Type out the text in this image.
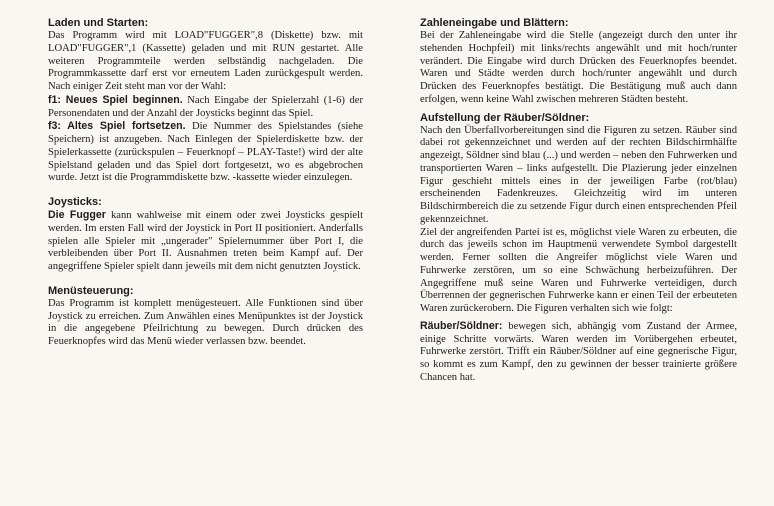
Laden und Starten:

Das Programm wird mit LOAD"FUGGER",8 (Diskette) bzw. mit LOAD"FUGGER",1 (Kassette) geladen und mit RUN gestartet. Alle weiteren Programmteile werden selbständig nachgeladen. Die Programmkassette darf erst vor erneutem Laden zurückgespult werden. Nach einiger Zeit steht man vor der Wahl:

f1: Neues Spiel beginnen. Nach Eingabe der Spielerzahl (1-6) der Personendaten und der Anzahl der Joysticks beginnt das Spiel.

f3: Altes Spiel fortsetzen. Die Nummer des Spielstandes (siehe Speichern) ist anzugeben. Nach Einlegen der Spielerdiskette bzw. der Spielerkassette (zurückspulen – Feuerknopf – PLAY-Taste!) wird der alte Spielstand geladen und das Spiel dort fortgesetzt, wo es abgebrochen wurde. Jetzt ist die Programmdiskette bzw. -kassette wieder einzulegen.

Joysticks:

Die Fugger kann wahlweise mit einem oder zwei Joysticks gespielt werden. Im ersten Fall wird der Joystick in Port II positioniert. Anderfalls spielen alle Spieler mit „ungerader" Spielernummer über Port I, die verbleibenden über Port II. Ausnahmen treten beim Kampf auf. Der angegriffene Spieler spielt dann jeweils mit dem nicht genutzten Joystick.

Menüsteuerung:

Das Programm ist komplett menügesteuert. Alle Funktionen sind über Joystick zu erreichen. Zum Anwählen eines Menüpunktes ist der Joystick in die angegebene Pfeilrichtung zu bewegen. Durch drücken des Feuerknopfes wird das Menü wieder verlassen bzw. beendet.

Zahleneingabe und Blättern:

Bei der Zahleneingabe wird die Stelle (angezeigt durch den unter ihr stehenden Hochpfeil) mit links/rechts angewählt und mit hoch/runter verändert. Die Eingabe wird durch Drücken des Feuerknopfes beendet. Waren und Städte werden durch hoch/runter angewählt und durch Drücken des Feuerknopfes bestätigt. Die Bestätigung muß auch dann erfolgen, wenn keine Wahl zwischen mehreren Städten besteht.

Aufstellung der Räuber/Söldner:

Nach den Überfallvorbereitungen sind die Figuren zu setzen. Räuber sind dabei rot gekennzeichnet und werden auf der rechten Bildschirmhälfte angezeigt, Söldner sind blau (...) und werden – neben den Fuhrwerken und transportierten Waren – links aufgestellt. Die Plazierung jeder einzelnen Figur geschieht mittels eines in der jeweiligen Farbe (rot/blau) erscheinenden Fadenkreuzes. Gleichzeitig wird im unteren Bildschirmbereich die zu setzende Figur durch einen entsprechenden Pfeil gekennzeichnet.

Ziel der angreifenden Partei ist es, möglichst viele Waren zu erbeuten, die durch das jeweils schon im Hauptmenü verwendete Symbol dargestellt werden. Ferner sollten die Angreifer möglichst viele Waren und Fuhrwerke zerstören, um so eine Schwächung herbeizuführen. Der Angegriffene muß seine Waren und Fuhrwerke verteidigen, durch Überrennen der gegnerischen Fuhrwerke kann er einen Teil der erbeuteten Waren zurückerobern. Die Figuren verhalten sich wie folgt:

Räuber/Söldner: bewegen sich, abhängig vom Zustand der Armee, einige Schritte vorwärts. Waren werden im Vorübergehen erbeutet, Fuhrwerke zerstört. Trifft ein Räuber/Söldner auf eine gegnerische Figur, so kommt es zum Kampf, den zu gewinnen der besser trainierte größere Chancen hat.
